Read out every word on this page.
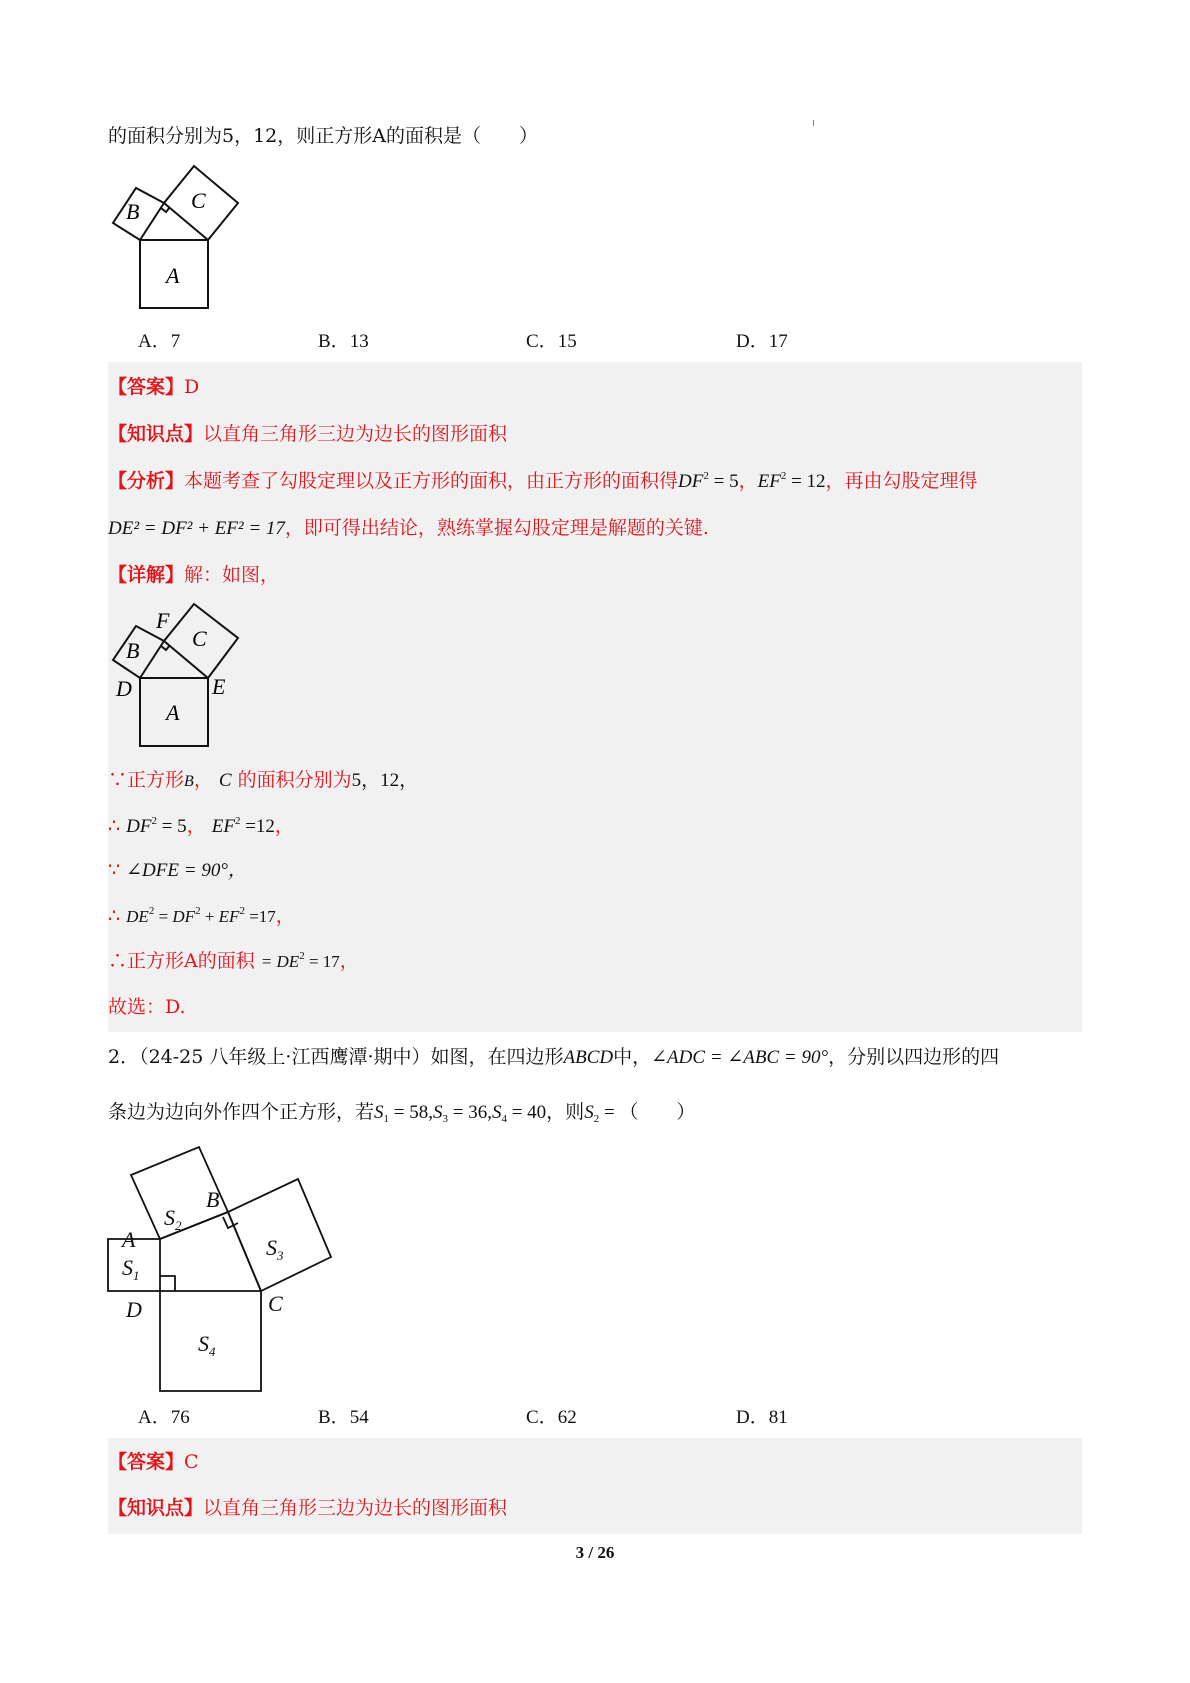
的面积分别为5，12，则正方形A的面积是（　　）
B C
A
A．7	B．13	C．15	D．17
【答案】D
【知识点】以直角三角形三边为边长的图形面积
【分析】本题考查了勾股定理以及正方形的面积，由正方形的面积得$DF^2 = 5$，$EF^2 = 12$，再由勾股定理得
DE² = DF² + EF² = 17，即可得出结论，熟练掌握勾股定理是解题的关键.
【详解】解：如图，
F
B C
D	E
A
∵正方形B， C 的面积分别为5，12，
∴ $DF^2 = 5$， $EF^2 =12$，
∵ ∠DFE = 90°，
∴ $DE^2 = DF^2 + EF^2 =17$，
∴正方形A的面积 = $DE^2 = 17$，
故选：D.
2．（24-25 八年级上·江西鹰潭·期中）如图，在四边形ABCD中，∠ADC = ∠ABC = 90°，分别以四边形的四
条边为边向外作四个正方形，若$S_1 = 58,S_3 = 36,S_4 = 40$，则$S_2$ = （　　）
$S_2$
B
A	$S_3$
$S_1$
D	C
$S_4$
A．76	B．54	C．62	D．81
【答案】C
【知识点】以直角三角形三边为边长的图形面积
3 / 26
